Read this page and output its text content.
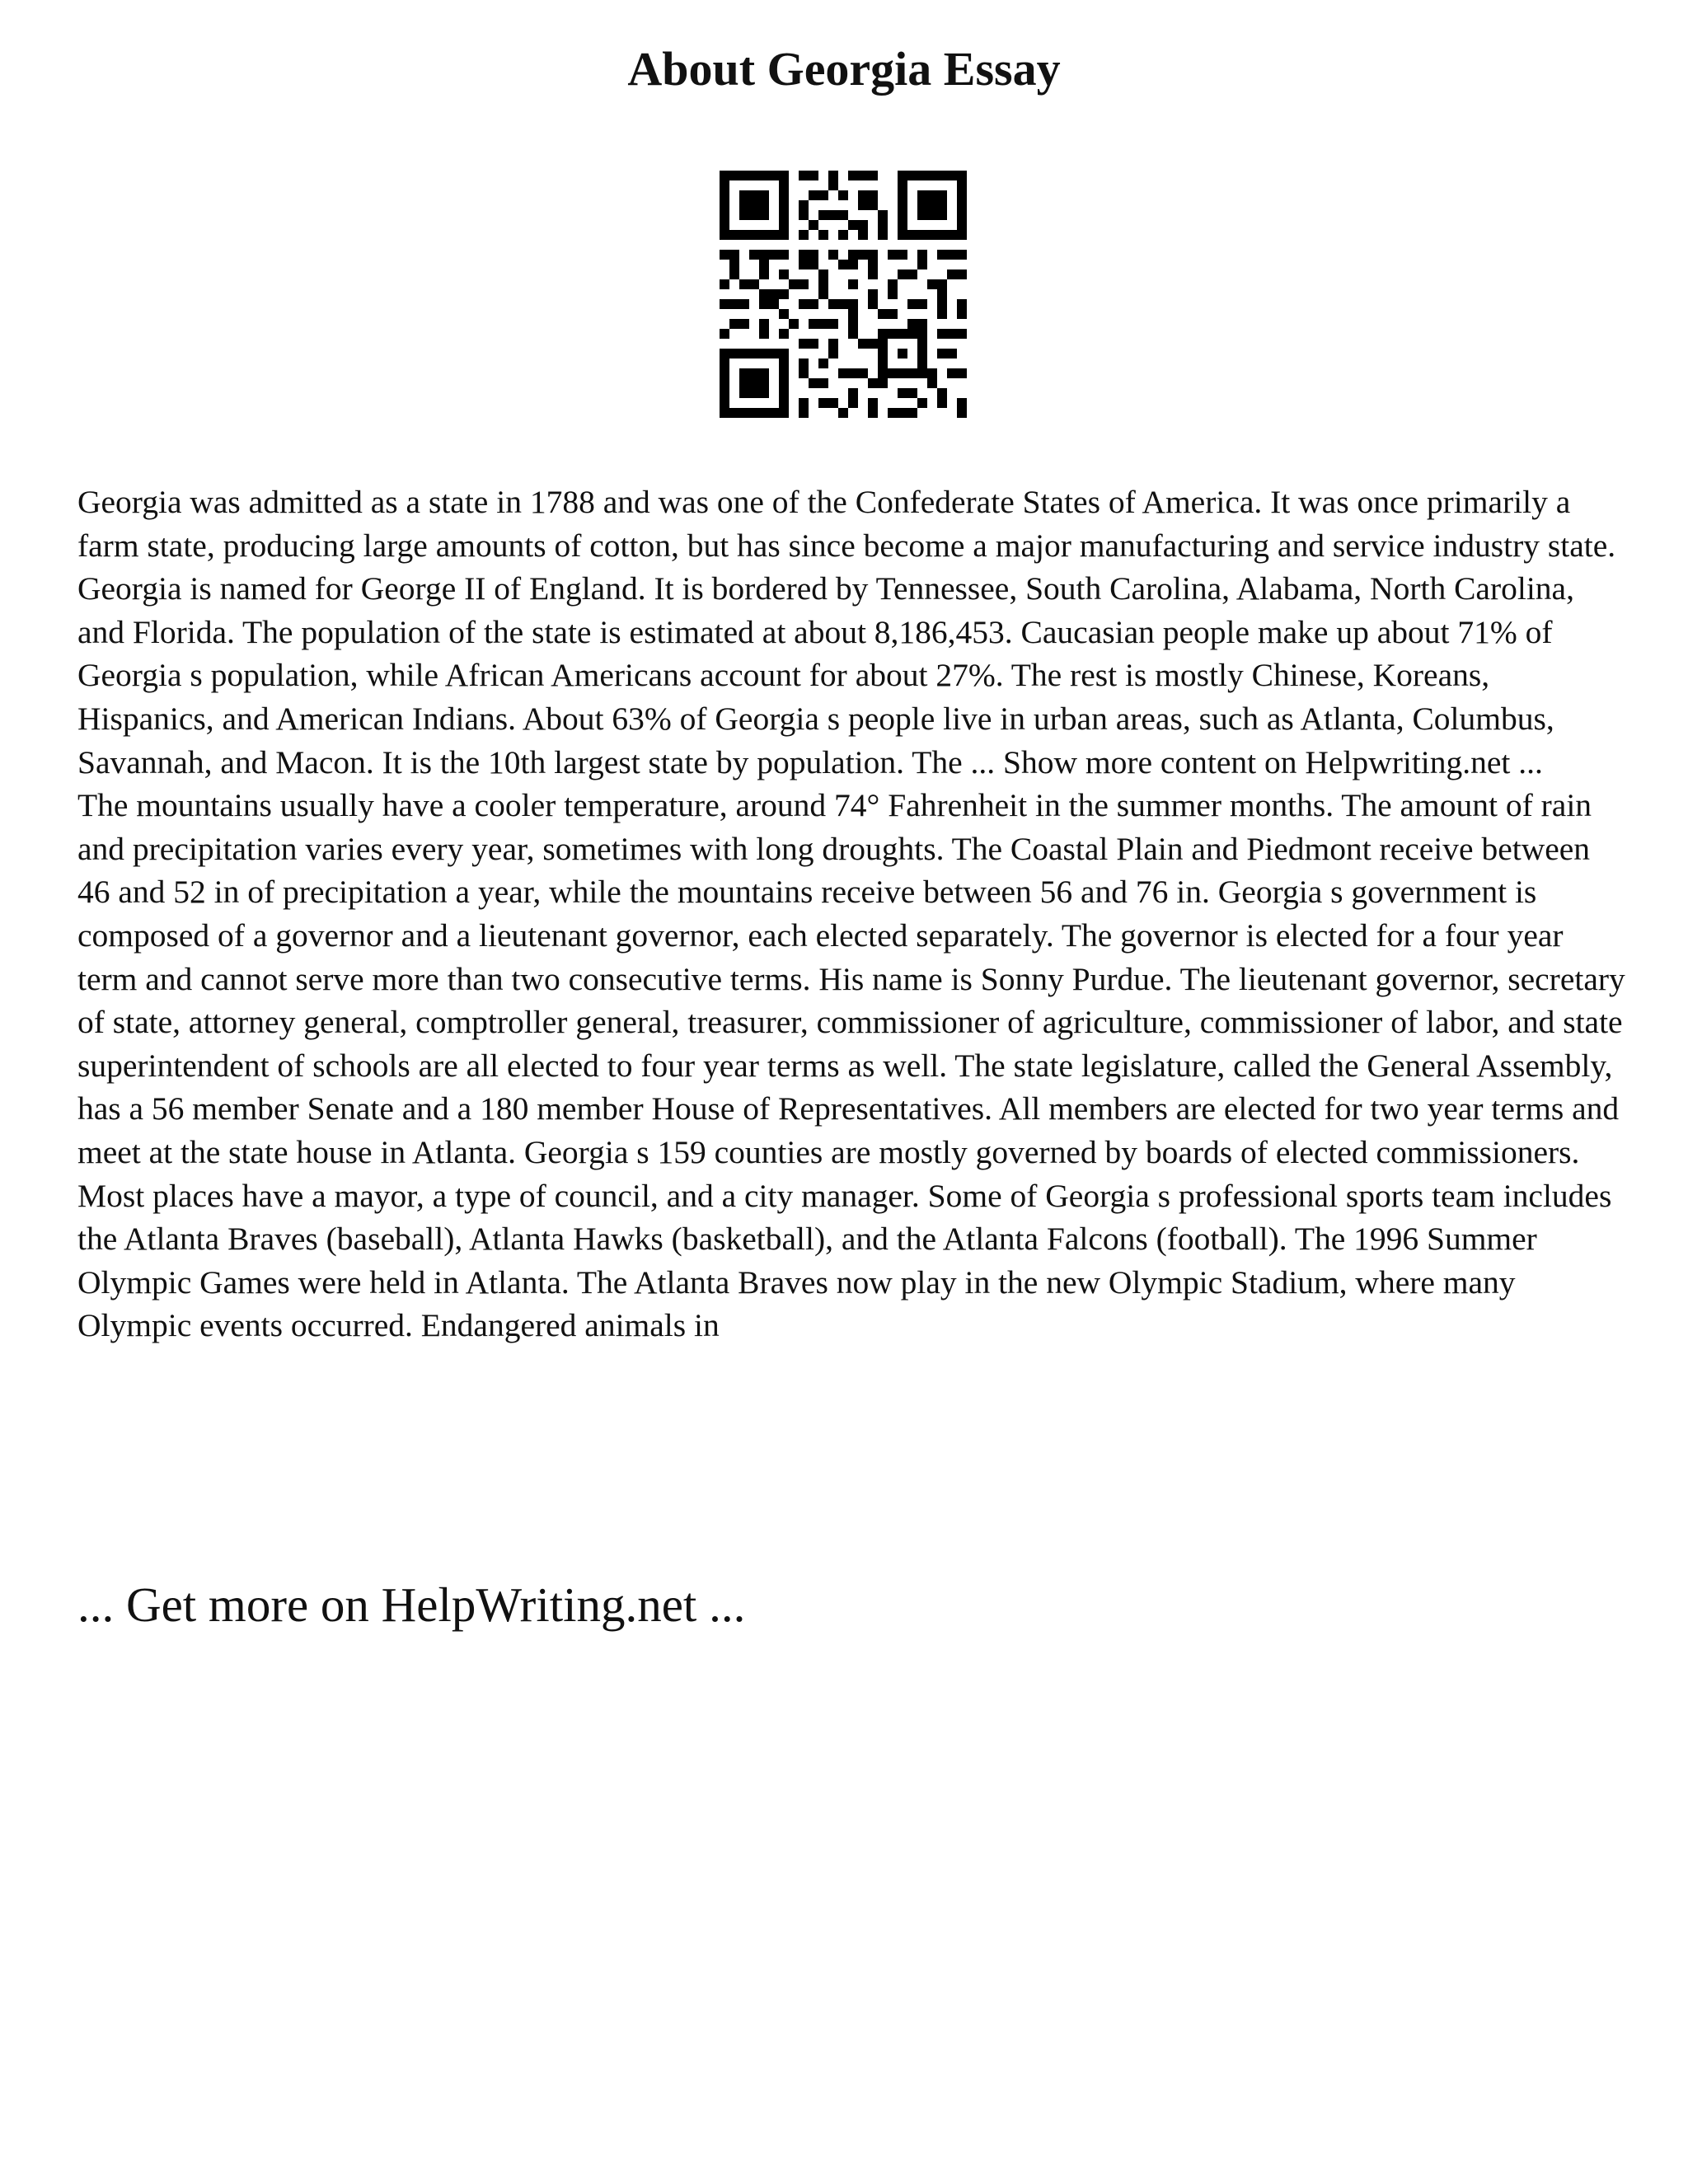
About Georgia Essay

Georgia was admitted as a state in 1788 and was one of the Confederate States of America. It was once primarily a farm state, producing large amounts of cotton, but has since become a major manufacturing and service industry state. Georgia is named for George II of England. It is bordered by Tennessee, South Carolina, Alabama, North Carolina, and Florida. The population of the state is estimated at about 8,186,453. Caucasian people make up about 71% of Georgia s population, while African Americans account for about 27%. The rest is mostly Chinese, Koreans, Hispanics, and American Indians. About 63% of Georgia s people live in urban areas, such as Atlanta, Columbus, Savannah, and Macon. It is the 10th largest state by population. The ... Show more content on Helpwriting.net ...

The mountains usually have a cooler temperature, around 74° Fahrenheit in the summer months. The amount of rain and precipitation varies every year, sometimes with long droughts. The Coastal Plain and Piedmont receive between 46 and 52 in of precipitation a year, while the mountains receive between 56 and 76 in. Georgia s government is composed of a governor and a lieutenant governor, each elected separately. The governor is elected for a four year term and cannot serve more than two consecutive terms. His name is Sonny Purdue. The lieutenant governor, secretary of state, attorney general, comptroller general, treasurer, commissioner of agriculture, commissioner of labor, and state superintendent of schools are all elected to four year terms as well. The state legislature, called the General Assembly, has a 56 member Senate and a 180 member House of Representatives. All members are elected for two year terms and meet at the state house in Atlanta. Georgia s 159 counties are mostly governed by boards of elected commissioners. Most places have a mayor, a type of council, and a city manager. Some of Georgia s professional sports team includes the Atlanta Braves (baseball), Atlanta Hawks (basketball), and the Atlanta Falcons (football). The 1996 Summer Olympic Games were held in Atlanta. The Atlanta Braves now play in the new Olympic Stadium, where many Olympic events occurred. Endangered animals in

... Get more on HelpWriting.net ...
